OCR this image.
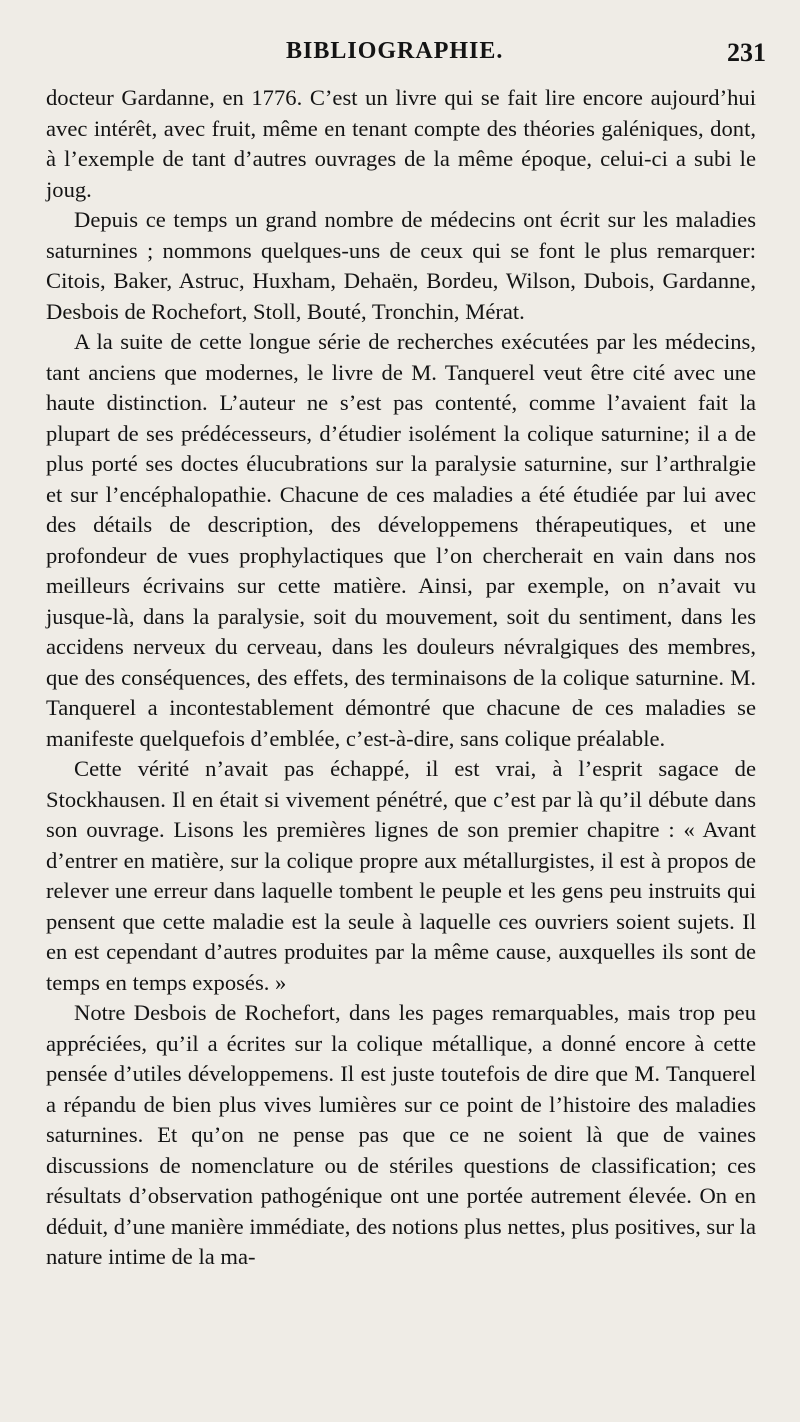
BIBLIOGRAPHIE.	231

docteur Gardanne, en 1776. C’est un livre qui se fait lire encore aujourd’hui avec intérêt, avec fruit, même en tenant compte des théories galéniques, dont, à l’exemple de tant d’autres ouvrages de la même époque, celui-ci a subi le joug.

Depuis ce temps un grand nombre de médecins ont écrit sur les maladies saturnines ; nommons quelques-uns de ceux qui se font le plus remarquer: Citois, Baker, Astruc, Huxham, Dehaën, Bordeu, Wilson, Dubois, Gardanne, Desbois de Rochefort, Stoll, Bouté, Tronchin, Mérat.

A la suite de cette longue série de recherches exécutées par les médecins, tant anciens que modernes, le livre de M. Tanquerel veut être cité avec une haute distinction. L’auteur ne s’est pas contenté, comme l’avaient fait la plupart de ses prédécesseurs, d’étudier isolément la colique saturnine; il a de plus porté ses doctes élucubrations sur la paralysie saturnine, sur l’arthralgie et sur l’encéphalopathie. Chacune de ces maladies a été étudiée par lui avec des détails de description, des développemens thérapeutiques, et une profondeur de vues prophylactiques que l’on chercherait en vain dans nos meilleurs écrivains sur cette matière. Ainsi, par exemple, on n’avait vu jusque-là, dans la paralysie, soit du mouvement, soit du sentiment, dans les accidens nerveux du cerveau, dans les douleurs névralgiques des membres, que des conséquences, des effets, des terminaisons de la colique saturnine. M. Tanquerel a incontestablement démontré que chacune de ces maladies se manifeste quelquefois d’emblée, c’est-à-dire, sans colique préalable.

Cette vérité n’avait pas échappé, il est vrai, à l’esprit sagace de Stockhausen. Il en était si vivement pénétré, que c’est par là qu’il débute dans son ouvrage. Lisons les premières lignes de son premier chapitre : « Avant d’entrer en matière, sur la colique propre aux métallurgistes, il est à propos de relever une erreur dans laquelle tombent le peuple et les gens peu instruits qui pensent que cette maladie est la seule à laquelle ces ouvriers soient sujets. Il en est cependant d’autres produites par la même cause, auxquelles ils sont de temps en temps exposés. »

Notre Desbois de Rochefort, dans les pages remarquables, mais trop peu appréciées, qu’il a écrites sur la colique métallique, a donné encore à cette pensée d’utiles développemens. Il est juste toutefois de dire que M. Tanquerel a répandu de bien plus vives lumières sur ce point de l’histoire des maladies saturnines. Et qu’on ne pense pas que ce ne soient là que de vaines discussions de nomenclature ou de stériles questions de classification; ces résultats d’observation pathogénique ont une portée autrement élevée. On en déduit, d’une manière immédiate, des notions plus nettes, plus positives, sur la nature intime de la ma-
